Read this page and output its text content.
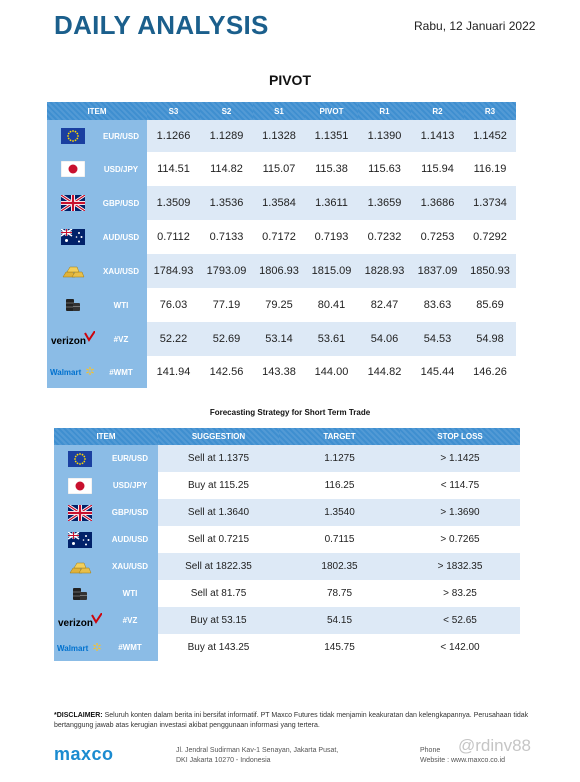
DAILY ANALYSIS	Rabu, 12 Januari 2022
PIVOT
ITEM	S3	S2	S1	PIVOT	R1	R2	R3

EUR/USD	1.1266	1.1289	1.1328	1.1351	1.1390	1.1413	1.1452

USD/JPY	114.51	114.82	115.07	115.38	115.63	115.94	116.19

GBP/USD	1.3509	1.3536	1.3584	1.3611	1.3659	1.3686	1.3734

AUD/USD	0.7112	0.7133	0.7172	0.7193	0.7232	0.7253	0.7292

XAU/USD	1784.93	1793.09	1806.93	1815.09	1828.93	1837.09	1850.93

WTI	76.03	77.19	79.25	80.41	82.47	83.63	85.69

verizon #VZ	52.22	52.69	53.14	53.61	54.06	54.53	54.98

Walmart #WMT	141.94	142.56	143.38	144.00	144.82	145.44	146.26
Forecasting Strategy for Short Term Trade
ITEM	SUGGESTION	TARGET	STOP LOSS

EUR/USD	Sell at 1.1375	1.1275	> 1.1425

USD/JPY	Buy at 115.25	116.25	< 114.75

GBP/USD	Sell at 1.3640	1.3540	> 1.3690

AUD/USD	Sell at 0.7215	0.7115	> 0.7265

XAU/USD	Sell at 1822.35	1802.35	> 1832.35

WTI	Sell at 81.75	78.75	> 83.25

verizon #VZ	Buy at 53.15	54.15	< 52.65

Walmart #WMT	Buy at 143.25	145.75	< 142.00
*DISCLAIMER: Seluruh konten dalam berita ini bersifat informatif. PT Maxco Futures tidak menjamin keakuratan dan kelengkapannya. Perusahaan tidak bertanggung jawab atas kerugian investasi akibat penggunaan informasi yang tertera.
maxco	Jl. Jendral Sudirman Kav-1 Senayan, Jakarta Pusat,
DKI Jakarta 10270 - Indonesia
Phone
Website : www.maxco.co.id
@rdinv88
